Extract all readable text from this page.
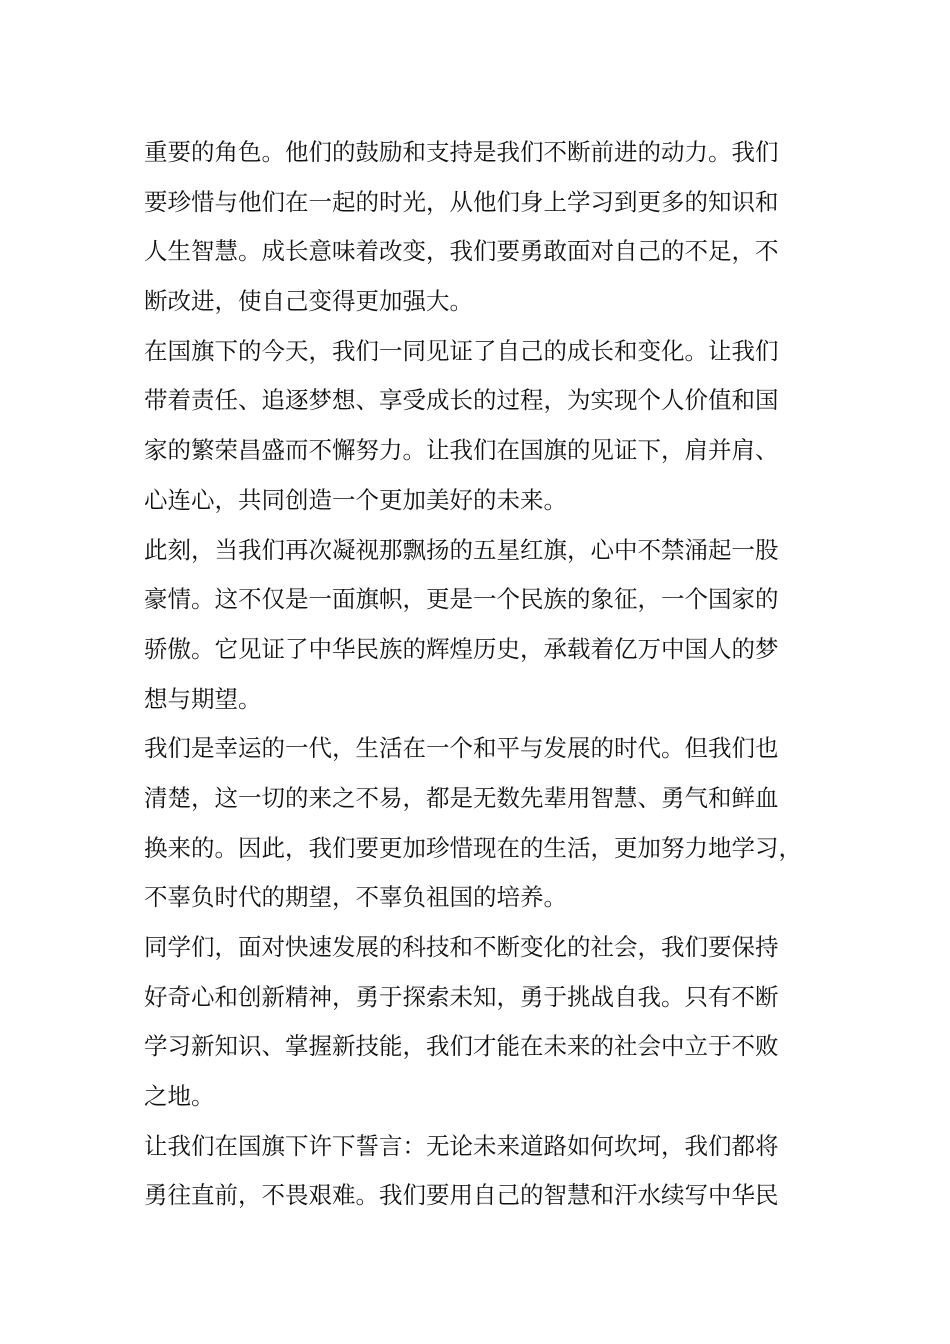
重要的角色。他们的鼓励和支持是我们不断前进的动力。我们
要珍惜与他们在一起的时光，从他们身上学习到更多的知识和
人生智慧。成长意味着改变，我们要勇敢面对自己的不足，不
断改进，使自己变得更加强大。
在国旗下的今天，我们一同见证了自己的成长和变化。让我们
带着责任、追逐梦想、享受成长的过程，为实现个人价值和国
家的繁荣昌盛而不懈努力。让我们在国旗的见证下，肩并肩、
心连心，共同创造一个更加美好的未来。
此刻，当我们再次凝视那飘扬的五星红旗，心中不禁涌起一股
豪情。这不仅是一面旗帜，更是一个民族的象征，一个国家的
骄傲。它见证了中华民族的辉煌历史，承载着亿万中国人的梦
想与期望。
我们是幸运的一代，生活在一个和平与发展的时代。但我们也
清楚，这一切的来之不易，都是无数先辈用智慧、勇气和鲜血
换来的。因此，我们要更加珍惜现在的生活，更加努力地学习，
不辜负时代的期望，不辜负祖国的培养。
同学们，面对快速发展的科技和不断变化的社会，我们要保持
好奇心和创新精神，勇于探索未知，勇于挑战自我。只有不断
学习新知识、掌握新技能，我们才能在未来的社会中立于不败
之地。
让我们在国旗下许下誓言：无论未来道路如何坎坷，我们都将
勇往直前，不畏艰难。我们要用自己的智慧和汗水续写中华民
